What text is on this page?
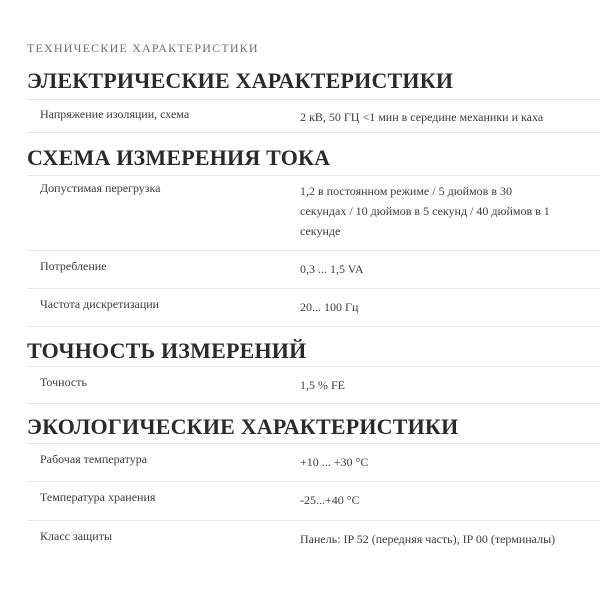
ТЕХНИЧЕСКИЕ ХАРАКТЕРИСТИКИ
ЭЛЕКТРИЧЕСКИЕ ХАРАКТЕРИСТИКИ
Напряжение изоляции, схема	2 кВ, 50 ГЦ <1 мин в середине механики и каха
СХЕМА ИЗМЕРЕНИЯ ТОКА
Допустимая перегрузка	1,2 в постоянном режиме / 5 дюймов в 30 секундах / 10 дюймов в 5 секунд / 40 дюймов в 1 секунде
Потребление	0,3 ... 1,5 VA
Частота дискретизации	20... 100 Гц
ТОЧНОСТЬ ИЗМЕРЕНИЙ
Точность	1,5 % FE
ЭКОЛОГИЧЕСКИЕ ХАРАКТЕРИСТИКИ
Рабочая температура	+10 ... +30 °C
Температура хранения	-25...+40 °C
Класс защиты	Панель: IP 52 (передняя часть), IP 00 (терминалы)
